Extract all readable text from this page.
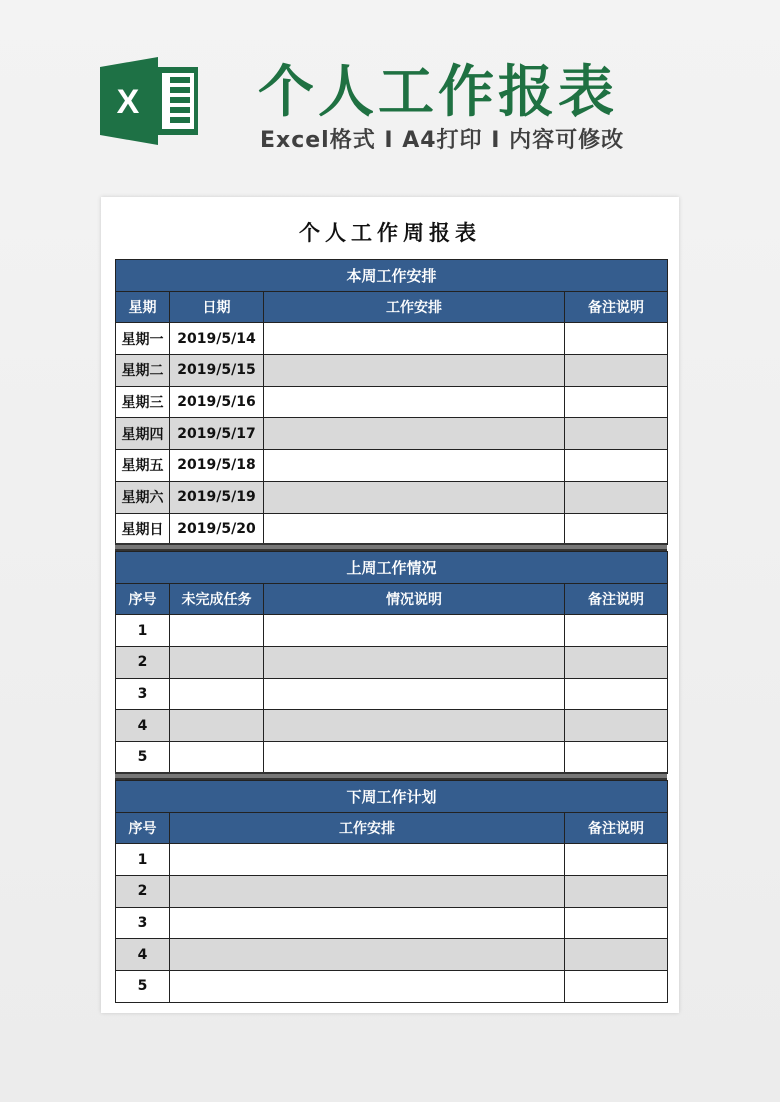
X 个人工作报表
Excel格式 I A4打印 I 内容可修改
个人工作周报表
本周工作安排			
星期	日期	工作安排	备注说明
星期一	2019/5/14		
星期二	2019/5/15		
星期三	2019/5/16		
星期四	2019/5/17		
星期五	2019/5/18		
星期六	2019/5/19		
星期日	2019/5/20		
上周工作情况			
序号	未完成任务	情况说明	备注说明
1			
2			
3			
4			
5			
下周工作计划		
序号	工作安排	备注说明
1		
2		
3		
4		
5		
